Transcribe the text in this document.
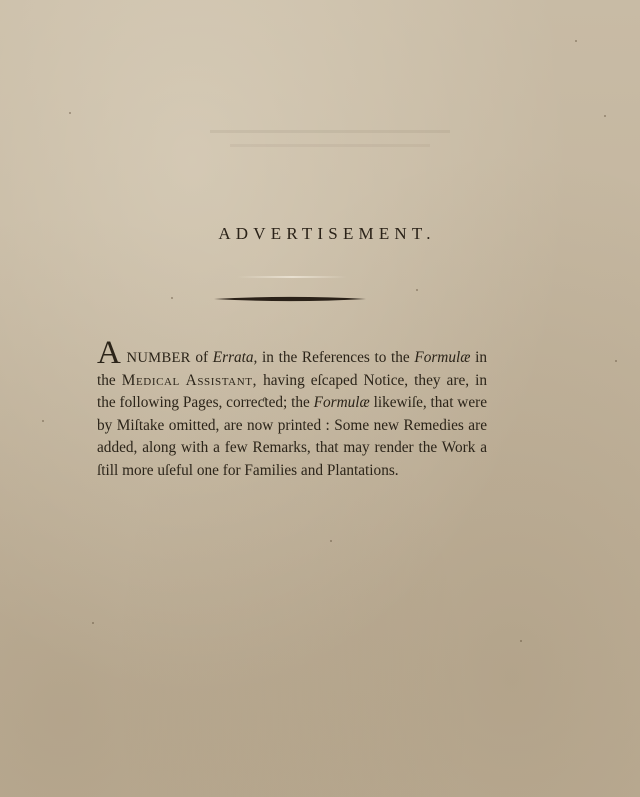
ADVERTISEMENT.
A NUMBER of Errata, in the References to the Formulæ in the Medical Assistant, having eſcaped Notice, they are, in the following Pages, correƈted; the Formulæ likewiſe, that were by Miſtake omitted, are now printed : Some new Remedies are added, along with a few Remarks, that may render the Work a ſtill more uſeful one for Families and Plantations.
